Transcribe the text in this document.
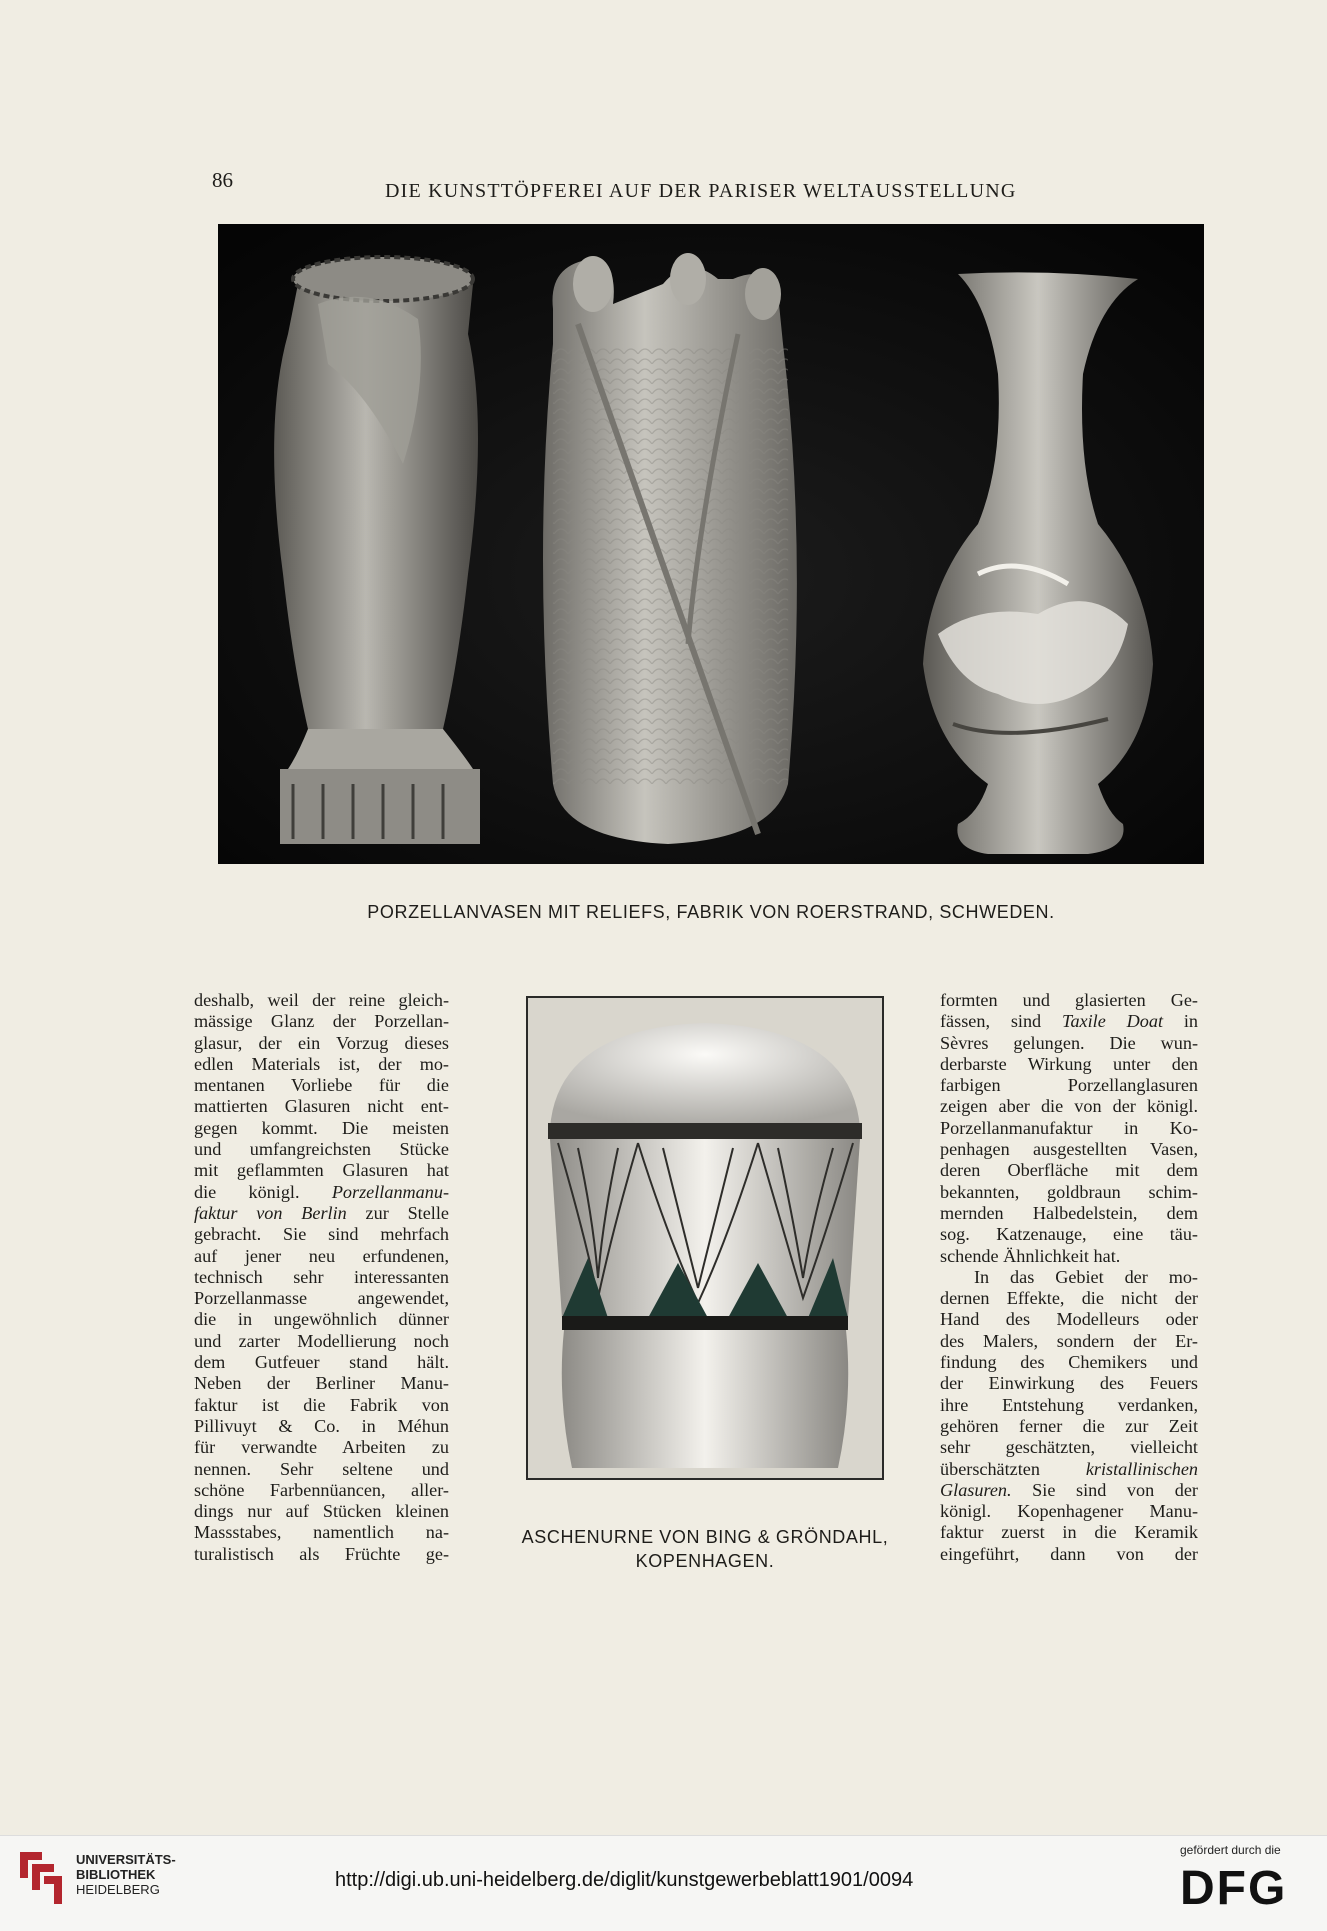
86	DIE KUNSTTÖPFEREI AUF DER PARISER WELTAUSSTELLUNG
PORZELLANVASEN MIT RELIEFS, FABRIK VON ROERSTRAND, SCHWEDEN.
deshalb, weil der reine gleich-
mässige Glanz der Porzellan-
glasur, der ein Vorzug dieses
edlen Materials ist, der mo-
mentanen Vorliebe für die
mattierten Glasuren nicht ent-
gegen kommt. Die meisten
und umfangreichsten Stücke
mit geflammten Glasuren hat
die königl. Porzellanmanu-
faktur von Berlin zur Stelle
gebracht. Sie sind mehrfach
auf jener neu erfundenen,
technisch sehr interessanten
Porzellanmasse angewendet,
die in ungewöhnlich dünner
und zarter Modellierung noch
dem Gutfeuer stand hält.
Neben der Berliner Manu-
faktur ist die Fabrik von
Pillivuyt & Co. in Méhun
für verwandte Arbeiten zu
nennen. Sehr seltene und
schöne Farbennüancen, aller-
dings nur auf Stücken kleinen
Massstabes, namentlich na-
turalistisch als Früchte ge-
ASCHENURNE VON BING & GRÖNDAHL,
KOPENHAGEN.
formten und glasierten Ge-
fässen, sind Taxile Doat in
Sèvres gelungen. Die wun-
derbarste Wirkung unter den
farbigen Porzellanglasuren
zeigen aber die von der königl.
Porzellanmanufaktur in Ko-
penhagen ausgestellten Vasen,
deren Oberfläche mit dem
bekannten, goldbraun schim-
mernden Halbedelstein, dem
sog. Katzenauge, eine täu-
schende Ähnlichkeit hat.
In das Gebiet der mo-
dernen Effekte, die nicht der
Hand des Modelleurs oder
des Malers, sondern der Er-
findung des Chemikers und
der Einwirkung des Feuers
ihre Entstehung verdanken,
gehören ferner die zur Zeit
sehr geschätzten, vielleicht
überschätzten	kristallinischen
Glasuren. Sie sind von der
königl. Kopenhagener Manu-
faktur zuerst in die Keramik
eingeführt, dann von der
UNIVERSITÄTS-
BIBLIOTHEK
HEIDELBERG	http://digi.ub.uni-heidelberg.de/diglit/kunstgewerbeblatt1901/0094
gefördert durch die
DFG
